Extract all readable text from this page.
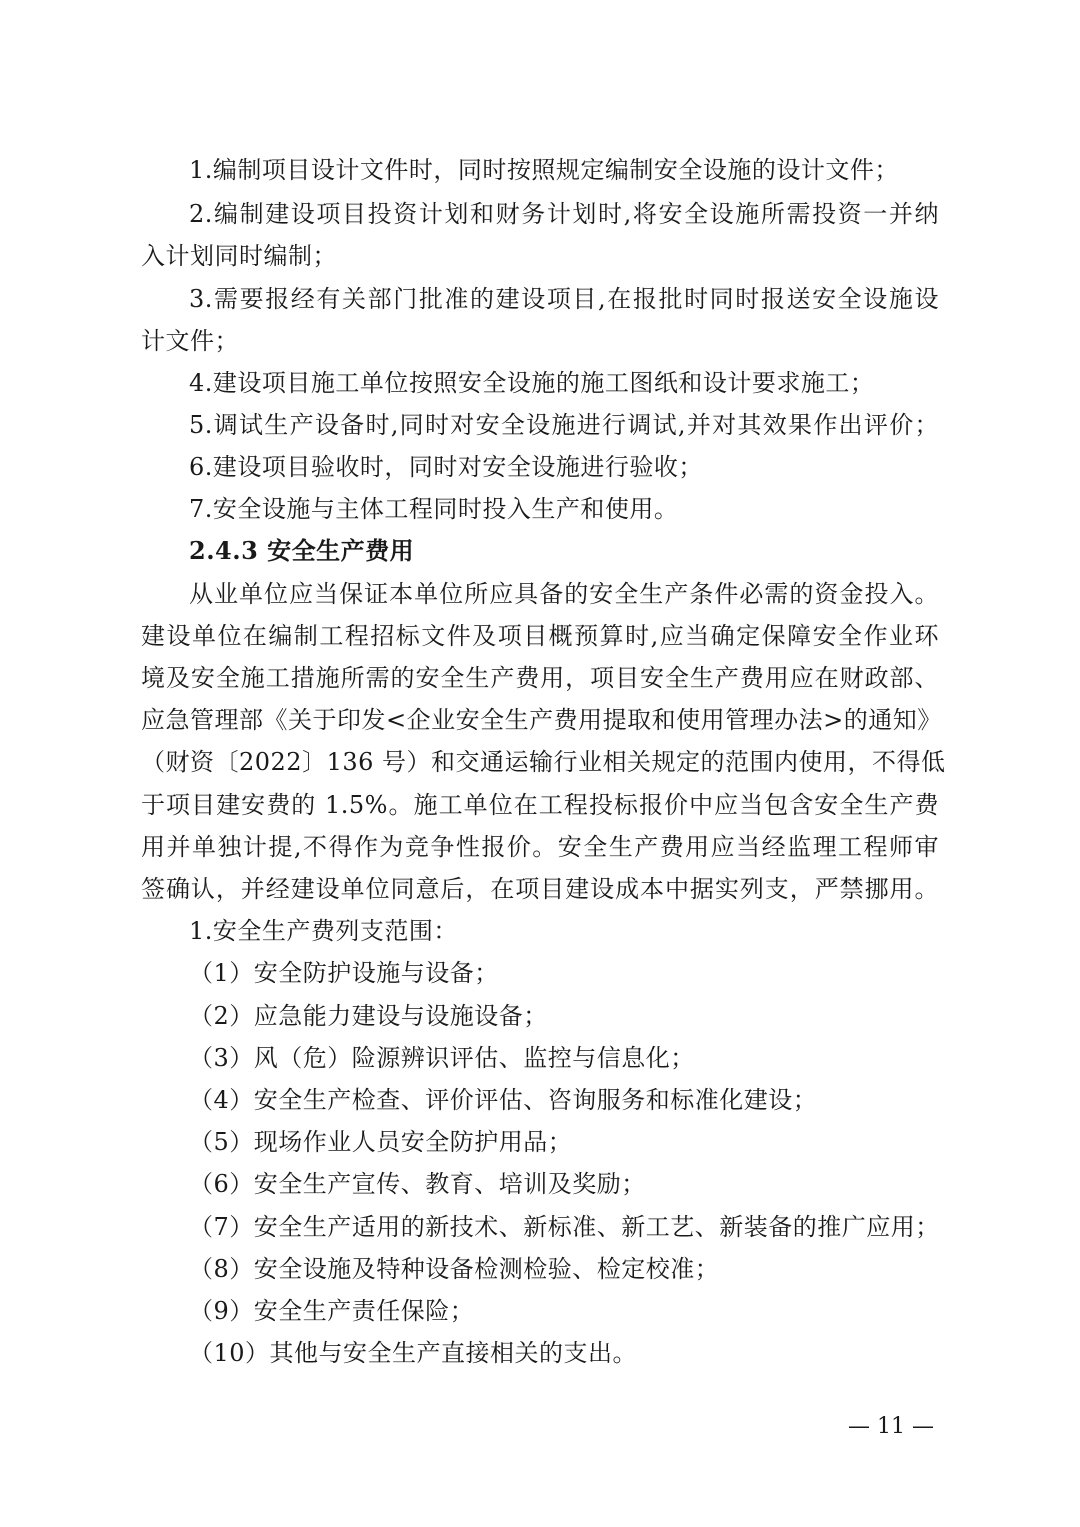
1.编制项目设计文件时，同时按照规定编制安全设施的设计文件；
2.编制建设项目投资计划和财务计划时,将安全设施所需投资一并纳
入计划同时编制；
3.需要报经有关部门批准的建设项目,在报批时同时报送安全设施设
计文件；
4.建设项目施工单位按照安全设施的施工图纸和设计要求施工；
5.调试生产设备时,同时对安全设施进行调试,并对其效果作出评价；
6.建设项目验收时，同时对安全设施进行验收；
7.安全设施与主体工程同时投入生产和使用。
2.4.3 安全生产费用
从业单位应当保证本单位所应具备的安全生产条件必需的资金投入。
建设单位在编制工程招标文件及项目概预算时,应当确定保障安全作业环
境及安全施工措施所需的安全生产费用，项目安全生产费用应在财政部、
应急管理部《关于印发<企业安全生产费用提取和使用管理办法>的通知》
（财资〔2022〕136 号）和交通运输行业相关规定的范围内使用，不得低
于项目建安费的 1.5%。施工单位在工程投标报价中应当包含安全生产费
用并单独计提,不得作为竞争性报价。安全生产费用应当经监理工程师审
签确认，并经建设单位同意后，在项目建设成本中据实列支，严禁挪用。
1.安全生产费列支范围：
（1）安全防护设施与设备；
（2）应急能力建设与设施设备；
（3）风（危）险源辨识评估、监控与信息化；
（4）安全生产检查、评价评估、咨询服务和标准化建设；
（5）现场作业人员安全防护用品；
（6）安全生产宣传、教育、培训及奖励；
（7）安全生产适用的新技术、新标准、新工艺、新装备的推广应用；
（8）安全设施及特种设备检测检验、检定校准；
（9）安全生产责任保险；
（10）其他与安全生产直接相关的支出。
— 11 —
